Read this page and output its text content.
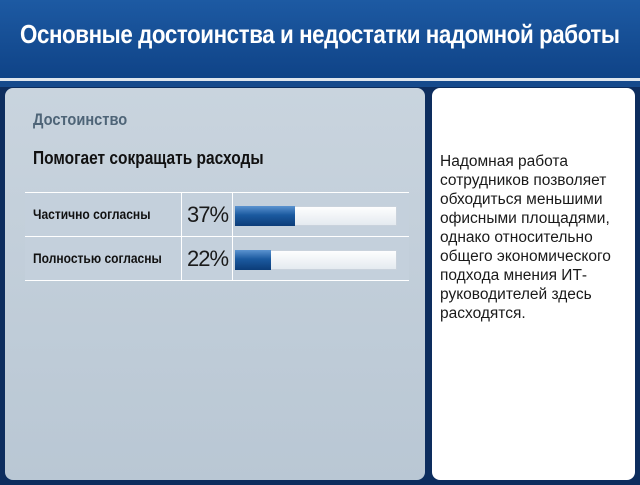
Основные достоинства и недостатки надомной работы
Достоинство
Помогает сокращать расходы
Частично согласны 37%
Полностью согласны 22%
Надомная работа сотрудников позволяет обходиться меньшими офисными площадями, однако относительно общего экономического подхода мнения ИТ-руководителей здесь расходятся.
